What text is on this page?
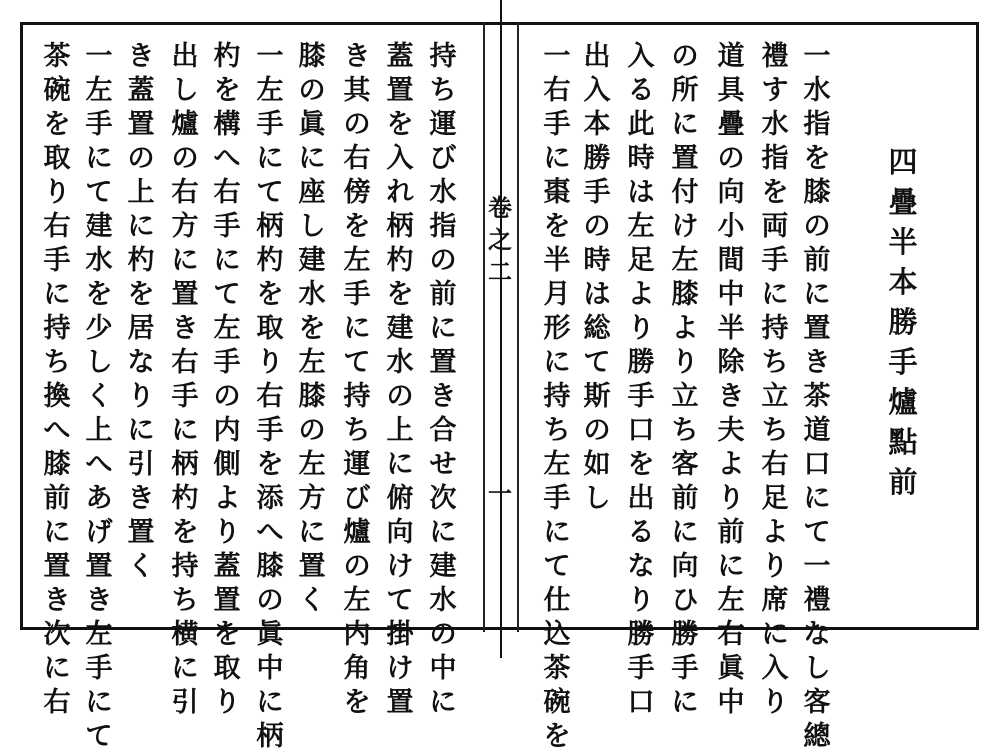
四
疊
半
本
勝
手
爐
點
前
卷
之
二
一
一
水
指
を
膝
の
前
に
置
き
茶
道
口
に
て
一
禮
な
し
客
總
禮
す
水
指
を
両
手
に
持
ち
立
ち
右
足
よ
り
席
に
入
り
道
具
疊
の
向
小
間
中
半
除
き
夫
よ
り
前
に
左
右
眞
中
の
所
に
置
付
け
左
膝
よ
り
立
ち
客
前
に
向
ひ
勝
手
に
入
る
此
時
は
左
足
よ
り
勝
手
口
を
出
る
な
り
勝
手
口
出
入
本
勝
手
の
時
は
総
て
斯
の
如
し
一
右
手
に
棗
を
半
月
形
に
持
ち
左
手
に
て
仕
込
茶
碗
を
持
ち
運
び
水
指
の
前
に
置
き
合
せ
次
に
建
水
の
中
に
蓋
置
を
入
れ
柄
杓
を
建
水
の
上
に
俯
向
け
て
掛
け
置
き
其
の
右
傍
を
左
手
に
て
持
ち
運
び
爐
の
左
内
角
を
膝
の
眞
に
座
し
建
水
を
左
膝
の
左
方
に
置
く
一
左
手
に
て
柄
杓
を
取
り
右
手
を
添
へ
膝
の
眞
中
に
柄
杓
を
構
へ
右
手
に
て
左
手
の
内
側
よ
り
蓋
置
を
取
り
出
し
爐
の
右
方
に
置
き
右
手
に
柄
杓
を
持
ち
横
に
引
き
蓋
置
の
上
に
杓
を
居
な
り
に
引
き
置
く
一
左
手
に
て
建
水
を
少
し
く
上
へ
あ
げ
置
き
左
手
に
て
茶
碗
を
取
り
右
手
に
持
ち
換
へ
膝
前
に
置
き
次
に
右
